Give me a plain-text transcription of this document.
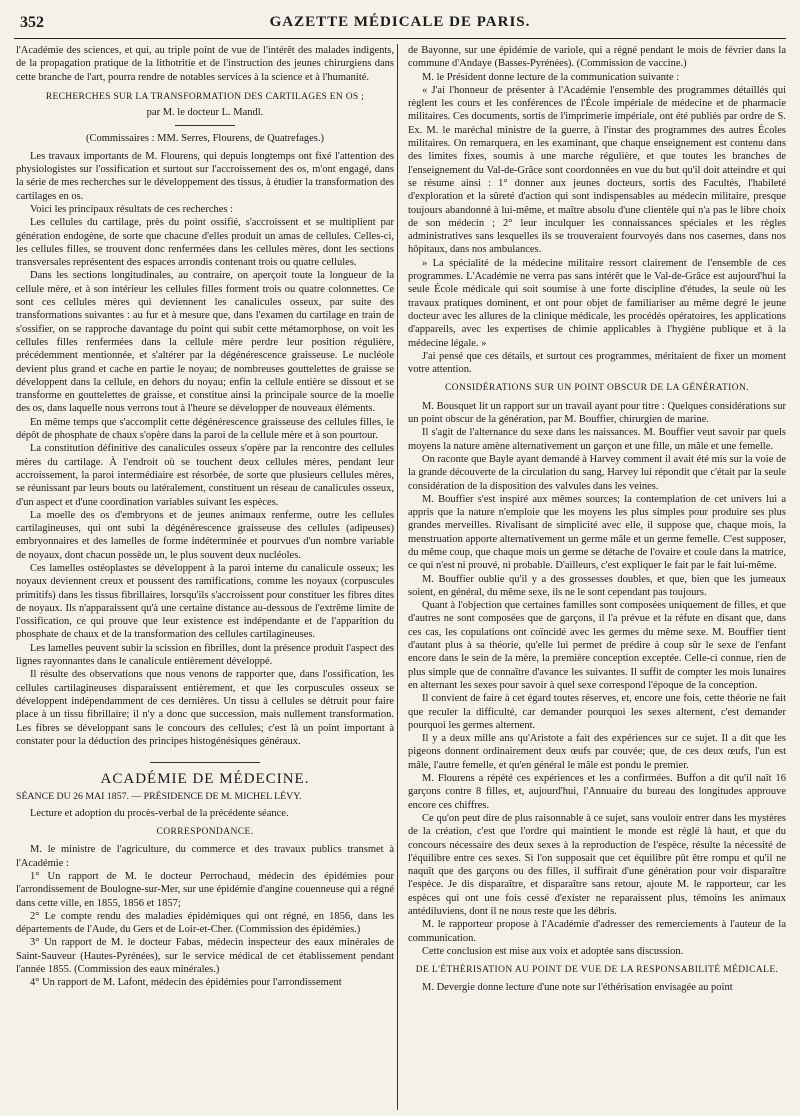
352	GAZETTE MÉDICALE DE PARIS.

l'Académie des sciences, et qui, au triple point de vue de l'intérêt des malades indigents, de la propagation pratique de la lithotritie et de l'instruction des jeunes chirurgiens dans cette branche de l'art, pourra rendre de notables services à la science et à l'humanité.

RECHERCHES SUR LA TRANSFORMATION DES CARTILAGES EN OS ;
par M. le docteur L. Mandl.
(Commissaires : MM. Serres, Flourens, de Quatrefages.)

Les travaux importants de M. Flourens, qui depuis longtemps ont fixé l'attention des physiologistes sur l'ossification et surtout sur l'accroissement des os, m'ont engagé, dans la série de mes recherches sur le développement des tissus, à étudier la transformation des cartilages en os.

Voici les principaux résultats de ces recherches :

Les cellules du cartilage, près du point ossifié, s'accroissent et se multiplient par génération endogène, de sorte que chacune d'elles produit un amas de cellules. Celles-ci, les cellules filles, se trouvent donc renfermées dans les cellules mères, dont les sections transversales représentent des espaces arrondis contenant trois ou quatre cellules.

Dans les sections longitudinales, au contraire, on aperçoit toute la longueur de la cellule mère, et à son intérieur les cellules filles forment trois ou quatre colonnettes. Ce sont ces cellules mères qui deviennent les canalicules osseux, par suite des transformations suivantes : au fur et à mesure que, dans l'examen du cartilage en train de s'ossifier, on se rapproche davantage du point qui subit cette métamorphose, on voit les cellules filles renfermées dans la cellule mère perdre leur position régulière, précédemment mentionnée, et s'altérer par la dégénérescence graisseuse. Le nucléole devient plus grand et cache en partie le noyau; de nombreuses gouttelettes de graisse se développent dans la cellule, en dehors du noyau; enfin la cellule entière se dissout et se transforme en gouttelettes de graisse, et constitue ainsi la principale source de la moelle des os, dans laquelle nous verrons tout à l'heure se développer de nouveaux éléments.

En même temps que s'accomplit cette dégénérescence graisseuse des cellules filles, le dépôt de phosphate de chaux s'opère dans la paroi de la cellule mère et à son pourtour.

La constitution définitive des canalicules osseux s'opère par la rencontre des cellules mères du cartilage. À l'endroit où se touchent deux cellules mères, pendant leur accroissement, la paroi intermédiaire est résorbée, de sorte que plusieurs cellules mères, se réunissant par leurs bouts ou latéralement, constituent un réseau de canalicules osseux, d'un aspect et d'une coordination variables suivant les espèces.

La moelle des os d'embryons et de jeunes animaux renferme, outre les cellules cartilagineuses, qui ont subi la dégénérescence graisseuse des cellules (adipeuses) embryonnaires et des lamelles de forme indéterminée et pourvues d'un nombre variable de noyaux, dont chacun possède un, le plus souvent deux nucléoles.

Ces lamelles ostéoplastes se développent à la paroi interne du canalicule osseux; les noyaux deviennent creux et poussent des ramifications, comme les noyaux (corpuscules primitifs) dans les tissus fibrillaires, lorsqu'ils s'accroissent pour constituer les fibres dites de noyaux. Ils n'apparaissent qu'à une certaine distance au-dessous de l'extrême limite de l'ossification, ce qui prouve que leur existence est indépendante et de l'apparition du phosphate de chaux et de la transformation des cellules cartilagineuses.

Les lamelles peuvent subir la scission en fibrilles, dont la présence produit l'aspect des lignes rayonnantes dans le canalicule entièrement développé.

Il résulte des observations que nous venons de rapporter que, dans l'ossification, les cellules cartilagineuses disparaissent entièrement, et que les corpuscules osseux se développent indépendamment de ces dernières. Un tissu à cellules se détruit pour faire place à un tissu fibrillaire; il n'y a donc que succession, mais nullement transformation. Les fibres se développant sans le concours des cellules; c'est là un point important à constater pour la déduction des principes histogénésiques généraux.

ACADÉMIE DE MÉDECINE.
SÉANCE DU 26 MAI 1857. — PRÉSIDENCE DE M. MICHEL LÉVY.

Lecture et adoption du procès-verbal de la précédente séance.

CORRESPONDANCE.

M. le ministre de l'agriculture, du commerce et des travaux publics transmet à l'Académie :

1° Un rapport de M. le docteur Perrochaud, médecin des épidémies pour l'arrondissement de Boulogne-sur-Mer, sur une épidémie d'angine couenneuse qui a régné dans cette ville, en 1855, 1856 et 1857;

2° Le compte rendu des maladies épidémiques qui ont régné, en 1856, dans les départements de l'Aude, du Gers et de Loir-et-Cher. (Commission des épidémies.)

3° Un rapport de M. le docteur Fabas, médecin inspecteur des eaux minérales de Saint-Sauveur (Hautes-Pyrénées), sur le service médical de cet établissement pendant l'année 1855. (Commission des eaux minérales.)

4° Un rapport de M. Lafont, médecin des épidémies pour l'arrondissement

de Bayonne, sur une épidémie de variole, qui a régné pendant le mois de février dans la commune d'Andaye (Basses-Pyrénées). (Commission de vaccine.)

M. le Président donne lecture de la communication suivante :

« J'ai l'honneur de présenter à l'Académie l'ensemble des programmes détaillés qui règlent les cours et les conférences de l'École impériale de médecine et de pharmacie militaires. Ces documents, sortis de l'imprimerie impériale, ont été publiés par ordre de S. Ex. M. le maréchal ministre de la guerre, à l'instar des programmes des autres Écoles militaires. On remarquera, en les examinant, que chaque enseignement est contenu dans des limites fixes, soumis à une marche régulière, et que toutes les branches de l'enseignement du Val-de-Grâce sont coordonnées en vue du but qu'il doit atteindre et qui se résume ainsi : 1° donner aux jeunes docteurs, sortis des Facultés, l'habileté d'exploration et la sûreté d'action qui sont indispensables au médecin militaire, presque toujours abandonné à lui-même, et maître absolu d'une clientèle qui n'a pas le libre choix de son médecin ; 2° leur inculquer les connaissances spéciales et les règles administratives sans lesquelles ils se trouveraient fourvoyés dans nos casernes, dans nos hôpitaux, dans nos ambulances.

» La spécialité de la médecine militaire ressort clairement de l'ensemble de ces programmes. L'Académie ne verra pas sans intérêt que le Val-de-Grâce est aujourd'hui la seule École médicale qui soit soumise à une forte discipline d'études, la seule où les travaux pratiques dominent, et ont pour objet de familiariser au même degré le jeune docteur avec les allures de la clinique médicale, les procédés opératoires, les applications d'appareils, avec les expertises de chimie applicables à l'hygiène publique et à la médecine légale. »

J'ai pensé que ces détails, et surtout ces programmes, méritaient de fixer un moment votre attention.

CONSIDÉRATIONS SUR UN POINT OBSCUR DE LA GÉNÉRATION.

M. Bousquet lit un rapport sur un travail ayant pour titre : Quelques considérations sur un point obscur de la génération, par M. Bouffier, chirurgien de marine.

Il s'agit de l'alternance du sexe dans les naissances. M. Bouffier veut savoir par quels moyens la nature amène alternativement un garçon et une fille, un mâle et une femelle.

On raconte que Bayle ayant demandé à Harvey comment il avait été mis sur la voie de la grande découverte de la circulation du sang, Harvey lui répondit que c'était par la seule considération de la disposition des valvules dans les veines.

M. Bouffier s'est inspiré aux mêmes sources; la contemplation de cet univers lui a appris que la nature n'emploie que les moyens les plus simples pour produire ses plus grandes merveilles. Rivalisant de simplicité avec elle, il suppose que, chaque mois, la menstruation apporte alternativement un germe mâle et un germe femelle. C'est supposer, du même coup, que chaque mois un germe se détache de l'ovaire et coule dans la matrice, ce qui n'est ni prouvé, ni probable. D'ailleurs, c'est expliquer le fait par le fait lui-même.

M. Bouffier oublie qu'il y a des grossesses doubles, et que, bien que les jumeaux soient, en général, du même sexe, ils ne le sont cependant pas toujours.

Quant à l'objection que certaines familles sont composées uniquement de filles, et que d'autres ne sont composées que de garçons, il l'a prévue et la réfute en disant que, dans ces cas, les copulations ont coïncidé avec les germes du même sexe. M. Bouffier tient d'autant plus à sa théorie, qu'elle lui permet de prédire à coup sûr le sexe de l'enfant encore dans le sein de la mère, la première conception exceptée. Celle-ci connue, rien de plus simple que de connaître d'avance les suivantes. Il suffit de compter les mois lunaires en alternant les sexes pour savoir à quel sexe correspond l'époque de la conception.

Il convient de faire à cet égard toutes réserves, et, encore une fois, cette théorie ne fait que reculer la difficulté, car demander pourquoi les sexes alternent, c'est demander pourquoi les germes alternent.

Il y a deux mille ans qu'Aristote a fait des expériences sur ce sujet. Il a dit que les pigeons donnent ordinairement deux œufs par couvée; que, de ces deux œufs, l'un est mâle, l'autre femelle, et qu'en général le mâle est pondu le premier.

M. Flourens a répété ces expériences et les a confirmées. Buffon a dit qu'il naît 16 garçons contre 8 filles, et, aujourd'hui, l'Annuaire du bureau des longitudes approuve encore ces chiffres.

Ce qu'on peut dire de plus raisonnable à ce sujet, sans vouloir entrer dans les mystères de la création, c'est que l'ordre qui maintient le monde est réglé là haut, et que du concours nécessaire des deux sexes à la reproduction de l'espèce, résulte la nécessité de l'équilibre entre ces sexes. Si l'on supposait que cet équilibre pût être rompu et qu'il ne naquît que des garçons ou des filles, il suffirait d'une génération pour voir disparaître l'espèce. Je dis disparaître, et disparaître sans retour, ajoute M. le rapporteur, car les espèces qui ont une fois cessé d'exister ne reparaissent plus, témoins les animaux antédiluviens, dont il ne nous reste que les débris.

M. le rapporteur propose à l'Académie d'adresser des remerciements à l'auteur de la communication.

Cette conclusion est mise aux voix et adoptée sans discussion.

DE L'ÉTHÉRISATION AU POINT DE VUE DE LA RESPONSABILITÉ MÉDICALE.

M. Devergie donne lecture d'une note sur l'éthérisation envisagée au point
